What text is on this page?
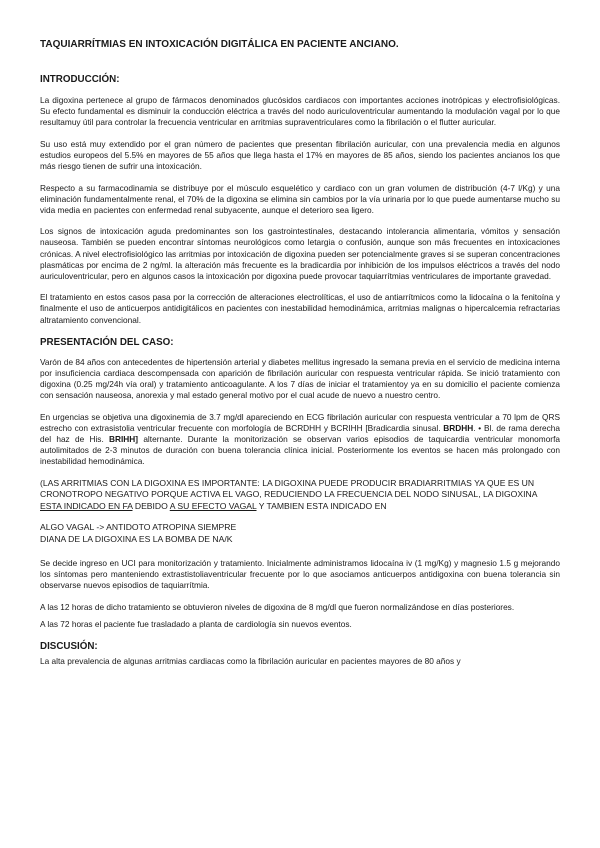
TAQUIARRÍTMIAS EN INTOXICACIÓN DIGITÁLICA EN PACIENTE ANCIANO.
INTRODUCCIÓN:

La digoxina pertenece al grupo de fármacos denominados glucósidos cardiacos con importantes acciones inotrópicas y electrofisiológicas. Su efecto fundamental es disminuir la conducción eléctrica a través del nodo auriculoventricular aumentando la modulación vagal por lo que resultamuy útil para controlar la frecuencia ventricular en arritmias supraventriculares como la fibrilación o el flutter auricular.

Su uso está muy extendido por el gran número de pacientes que presentan fibrilación auricular, con una prevalencia media en algunos estudios europeos del 5.5% en mayores de 55 años que llega hasta el 17% en mayores de 85 años, siendo los pacientes ancianos los que más riesgo tienen de sufrir una intoxicación.

Respecto a su farmacodinamia se distribuye por el músculo esquelético y cardiaco con un gran volumen de distribución (4-7 l/Kg) y una eliminación fundamentalmente renal, el 70% de la digoxina se elimina sin cambios por la vía urinaria por lo que puede aumentarse mucho su vida media en pacientes con enfermedad renal subyacente, aunque el deterioro sea ligero.

Los signos de intoxicación aguda predominantes son los gastrointestinales, destacando intolerancia alimentaria, vómitos y sensación nauseosa. También se pueden encontrar síntomas neurológicos como letargia o confusión, aunque son más frecuentes en intoxicaciones crónicas. A nivel electrofisiológico las arritmias por intoxicación de digoxina pueden ser potencialmente graves si se superan concentraciones plasmáticas por encima de 2 ng/ml. la alteración más frecuente es la bradicardia por inhibición de los impulsos eléctricos a través del nodo auriculoventricular, pero en algunos casos la intoxicación por digoxina puede provocar taquiarrítmias ventriculares de importante gravedad.

El tratamiento en estos casos pasa por la corrección de alteraciones electrolíticas, el uso de antiarrítmicos como la lidocaína o la fenitoína y finalmente el uso de anticuerpos antidigitálicos en pacientes con inestabilidad hemodinámica, arritmias malignas o hipercalcemia refractarias altratamiento convencional.

PRESENTACIÓN DEL CASO:

Varón de 84 años con antecedentes de hipertensión arterial y diabetes mellitus ingresado la semana previa en el servicio de medicina interna por insuficiencia cardiaca descompensada con aparición de fibrilación auricular con respuesta ventricular rápida. Se inició tratamiento con digoxina (0.25 mg/24h vía oral) y tratamiento anticoagulante. A los 7 días de iniciar el tratamientoy ya en su domicilio el paciente comienza con sensación nauseosa, anorexia y mal estado general motivo por el cual acude de nuevo a nuestro centro.

En urgencias se objetiva una digoxinemia de 3.7 mg/dl apareciendo en ECG fibrilación auricular con respuesta ventricular a 70 lpm de QRS estrecho con extrasistolia ventricular frecuente con morfología de BCRDHH y BCRIHH [Bradicardia sinusal. BRDHH. • Bl. de rama derecha del haz de His. BRIHH] alternante. Durante la monitorización se observan varios episodios de taquicardia ventricular monomorfa autolimitados de 2-3 minutos de duración con buena tolerancia clínica inicial. Posteriormente los eventos se hacen más prolongado con inestabilidad hemodinámica.

(LAS ARRITMIAS CON LA DIGOXINA ES IMPORTANTE: LA DIGOXINA PUEDE PRODUCIR BRADIARRITMIAS YA QUE ES UN CRONOTROPO NEGATIVO PORQUE ACTIVA EL VAGO, REDUCIENDO LA FRECUENCIA DEL NODO SINUSAL, LA DIGOXINA ESTA INDICADO EN FA DEBIDO A SU EFECTO VAGAL Y TAMBIEN ESTA INDICADO EN

ALGO VAGAL -> ANTIDOTO ATROPINA SIEMPRE
DIANA DE LA DIGOXINA ES LA BOMBA DE NA/K

Se decide ingreso en UCI para monitorización y tratamiento. Inicialmente administramos lidocaína iv (1 mg/Kg) y magnesio 1.5 g mejorando los síntomas pero manteniendo extrastistoliaventricular frecuente por lo que asociamos anticuerpos antidigoxina con buena tolerancia sin observarse nuevos episodios de taquiarrítmia.

A las 12 horas de dicho tratamiento se obtuvieron niveles de digoxina de 8 mg/dl que fueron normalizándose en días posteriores.

A las 72 horas el paciente fue trasladado a planta de cardiología sin nuevos eventos.

DISCUSIÓN:

La alta prevalencia de algunas arritmias cardiacas como la fibrilación auricular en pacientes mayores de 80 años y
